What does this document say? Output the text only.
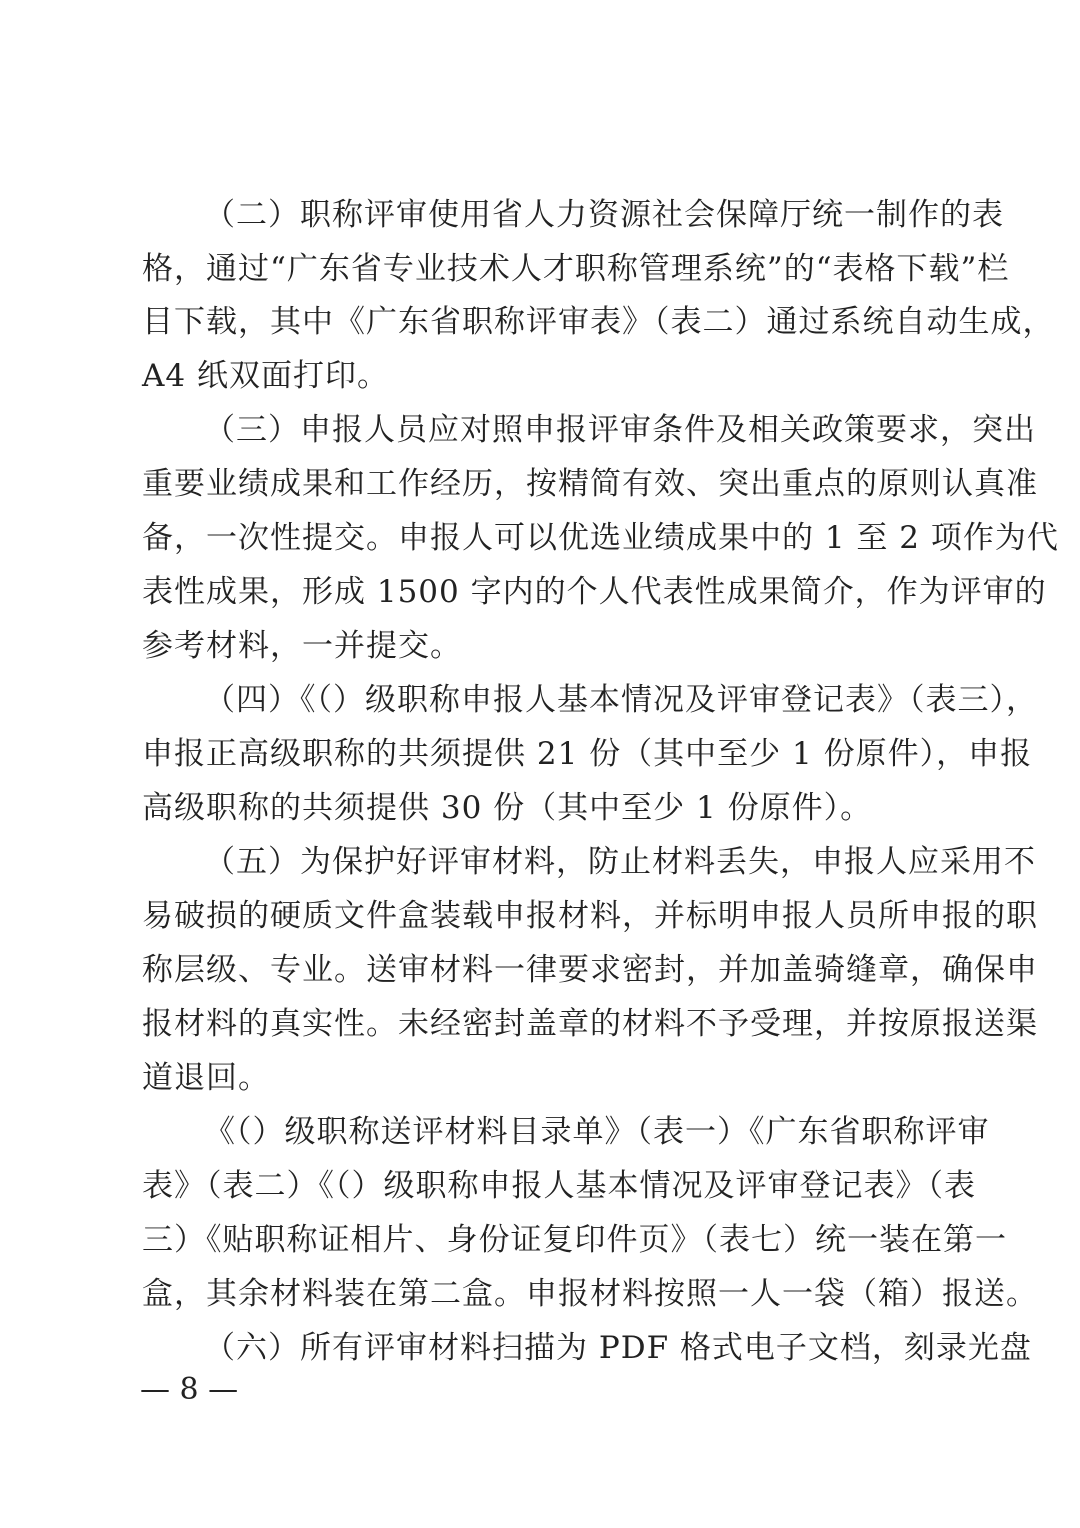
（二）职称评审使用省人力资源社会保障厅统一制作的表
格，通过“广东省专业技术人才职称管理系统”的“表格下载”栏
目下载，其中《广东省职称评审表》（表二）通过系统自动生成，
A4 纸双面打印。
（三）申报人员应对照申报评审条件及相关政策要求，突出
重要业绩成果和工作经历，按精简有效、突出重点的原则认真准
备，一次性提交。申报人可以优选业绩成果中的 1 至 2 项作为代
表性成果，形成 1500 字内的个人代表性成果简介，作为评审的
参考材料，一并提交。
（四）《（）级职称申报人基本情况及评审登记表》（表三），
申报正高级职称的共须提供 21 份（其中至少 1 份原件），申报
高级职称的共须提供 30 份（其中至少 1 份原件）。
（五）为保护好评审材料，防止材料丢失，申报人应采用不
易破损的硬质文件盒装载申报材料，并标明申报人员所申报的职
称层级、专业。送审材料一律要求密封，并加盖骑缝章，确保申
报材料的真实性。未经密封盖章的材料不予受理，并按原报送渠
道退回。
《（）级职称送评材料目录单》（表一）《广东省职称评审
表》（表二）《（）级职称申报人基本情况及评审登记表》（表
三）《贴职称证相片、身份证复印件页》（表七）统一装在第一
盒，其余材料装在第二盒。申报材料按照一人一袋（箱）报送。
（六）所有评审材料扫描为 PDF 格式电子文档，刻录光盘
— 8 —
